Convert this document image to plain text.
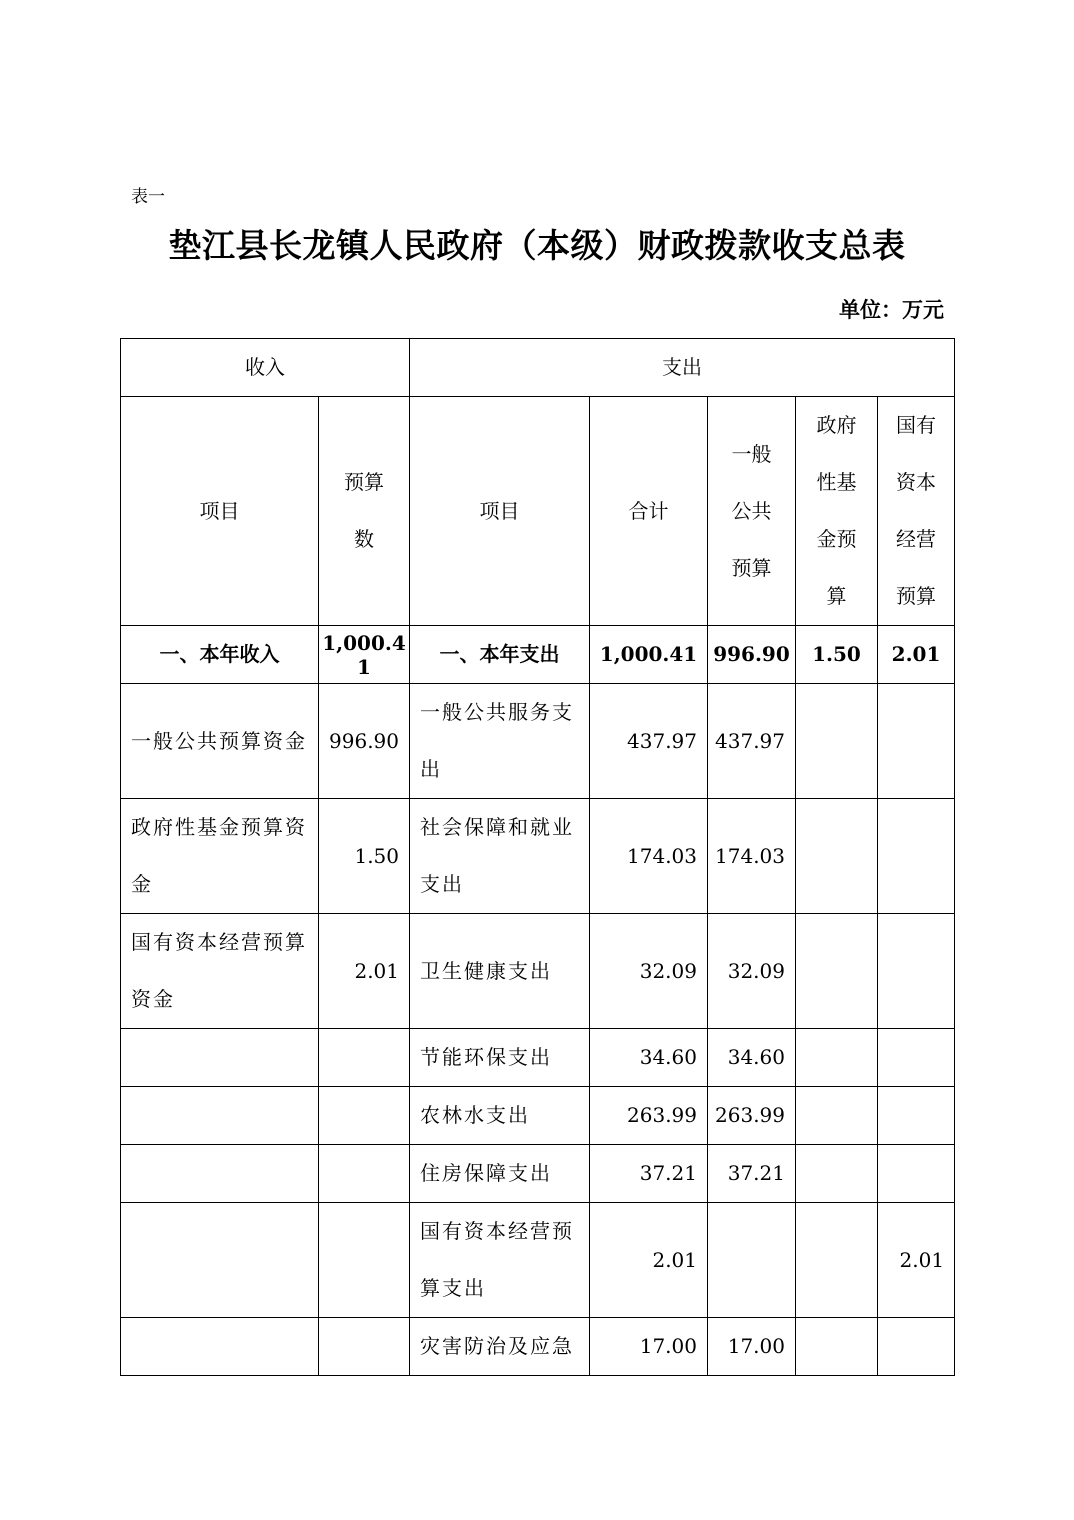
表一
垫江县长龙镇人民政府（本级）财政拨款收支总表
单位：万元
收入		支出				
项目	预算数	项目	合计	一般公共预算	政府性基金预算	国有资本经营预算
一、本年收入	1,000.41	一、本年支出	1,000.41	996.90	1.50	2.01
一般公共预算资金	996.90	一般公共服务支出	437.97	437.97		
政府性基金预算资金	1.50	社会保障和就业支出	174.03	174.03		
国有资本经营预算资金	2.01	卫生健康支出	32.09	32.09		
		节能环保支出	34.60	34.60		
		农林水支出	263.99	263.99		
		住房保障支出	37.21	37.21		
		国有资本经营预算支出	2.01			2.01
		灾害防治及应急	17.00	17.00		
